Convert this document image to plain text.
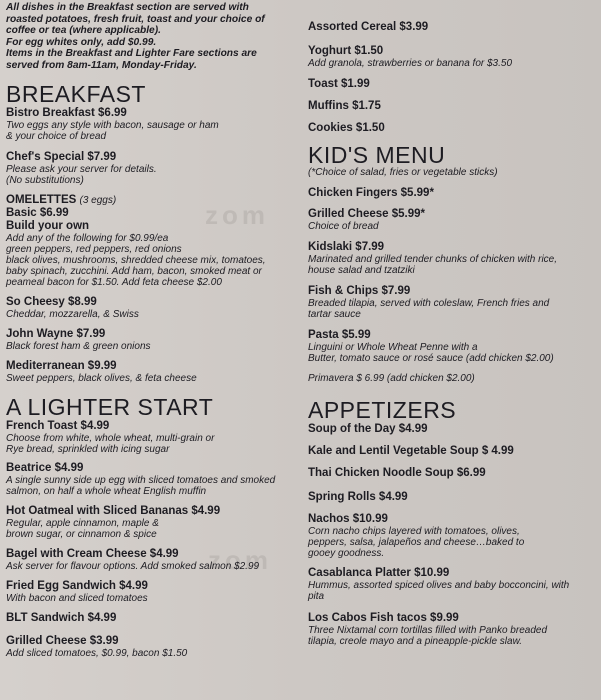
zom
zom
All dishes in the Breakfast section are served with
roasted potatoes, fresh fruit, toast and your choice of
coffee or tea (where applicable).
For egg whites only, add $0.99.
Items in the Breakfast and Lighter Fare sections are
served from 8am-11am, Monday-Friday.
BREAKFAST
Bistro Breakfast $6.99
Two eggs any style with bacon, sausage or ham
& your choice of bread
Chef's Special $7.99
Please ask your server for details.
(No substitutions)
OMELETTES (3 eggs)
Basic $6.99
Build your own
Add any of the following for $0.99/ea
green peppers, red peppers, red onions
black olives, mushrooms, shredded cheese mix, tomatoes,
baby spinach, zucchini. Add ham, bacon, smoked meat or
peameal bacon for $1.50. Add feta cheese $2.00
So Cheesy $8.99
Cheddar, mozzarella, & Swiss
John Wayne $7.99
Black forest ham & green onions
Mediterranean $9.99
Sweet peppers, black olives, & feta cheese
A LIGHTER START
French Toast $4.99
Choose from white, whole wheat, multi-grain or
Rye bread, sprinkled with icing sugar
Beatrice $4.99
A single sunny side up egg with sliced tomatoes and smoked
salmon, on half a whole wheat English muffin
Hot Oatmeal with Sliced Bananas $4.99
Regular, apple cinnamon, maple &
brown sugar, or cinnamon & spice
Bagel with Cream Cheese $4.99
Ask server for flavour options. Add smoked salmon $2.99
Fried Egg Sandwich $4.99
With bacon and sliced tomatoes
BLT Sandwich $4.99
Grilled Cheese $3.99
Add sliced tomatoes, $0.99, bacon $1.50
Assorted Cereal $3.99
Yoghurt $1.50
Add granola, strawberries or banana for $3.50
Toast $1.99
Muffins $1.75
Cookies $1.50
KID'S MENU
(*Choice of salad, fries or vegetable sticks)
Chicken Fingers $5.99*
Grilled Cheese $5.99*
Choice of bread
Kidslaki $7.99
Marinated and grilled tender chunks of chicken with rice,
house salad and tzatziki
Fish & Chips $7.99
Breaded tilapia, served with coleslaw, French fries and
tartar sauce
Pasta $5.99
Linguini or Whole Wheat Penne with a
Butter, tomato sauce or rosé sauce (add chicken $2.00)
Primavera $ 6.99 (add chicken $2.00)
APPETIZERS
Soup of the Day $4.99
Kale and Lentil Vegetable Soup $ 4.99
Thai Chicken Noodle Soup $6.99
Spring Rolls $4.99
Nachos $10.99
Corn nacho chips layered with tomatoes, olives,
peppers, salsa, jalapeños and cheese…baked to
gooey goodness.
Casablanca Platter $10.99
Hummus, assorted spiced olives and baby bocconcini, with
pita
Los Cabos Fish tacos $9.99
Three Nixtamal corn tortillas filled with Panko breaded
tilapia, creole mayo and a pineapple-pickle slaw.
